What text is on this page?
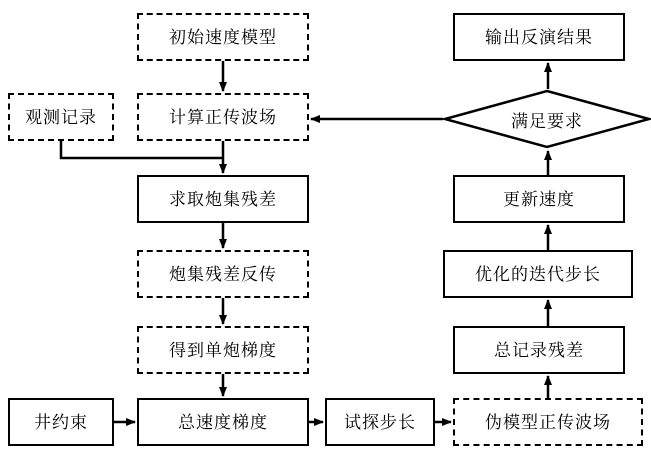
初始速度模型	输出反演结果
观测记录	计算正传波场	满足要求
求取炮集残差	更新速度
炮集残差反传	优化的迭代步长
得到单炮梯度	总记录残差
井约束	总速度梯度	试探步长	伪模型正传波场
